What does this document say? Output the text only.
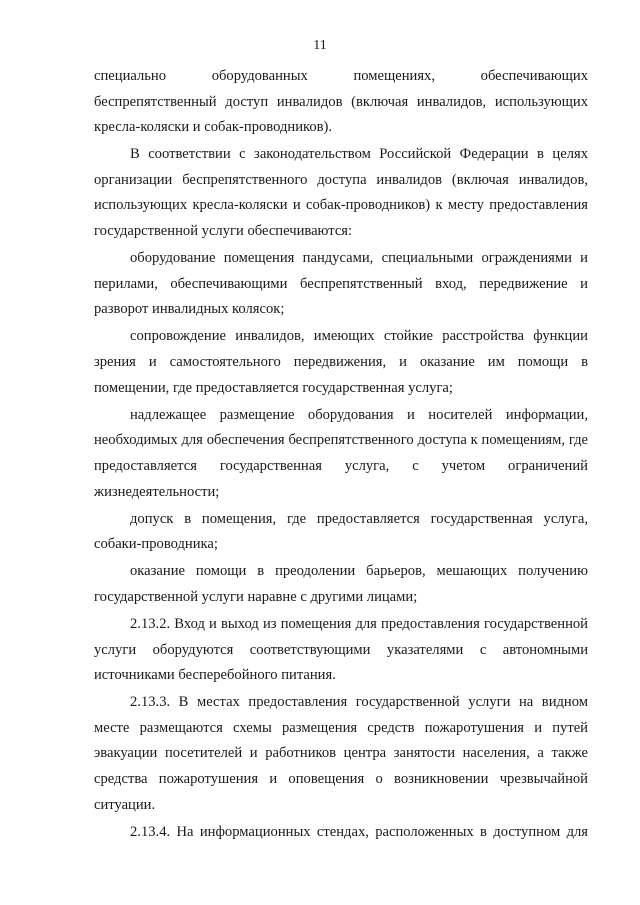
11

специально оборудованных помещениях, обеспечивающих беспрепятственный доступ инвалидов (включая инвалидов, использующих кресла-коляски и собак-проводников).

В соответствии с законодательством Российской Федерации в целях организации беспрепятственного доступа инвалидов (включая инвалидов, использующих кресла-коляски и собак-проводников) к месту предоставления государственной услуги обеспечиваются:

оборудование помещения пандусами, специальными ограждениями и перилами, обеспечивающими беспрепятственный вход, передвижение и разворот инвалидных колясок;

сопровождение инвалидов, имеющих стойкие расстройства функции зрения и самостоятельного передвижения, и оказание им помощи в помещении, где предоставляется государственная услуга;

надлежащее размещение оборудования и носителей информации, необходимых для обеспечения беспрепятственного доступа к помещениям, где предоставляется государственная услуга, с учетом ограничений жизнедеятельности;

допуск в помещения, где предоставляется государственная услуга, собаки-проводника;

оказание помощи в преодолении барьеров, мешающих получению государственной услуги наравне с другими лицами;

2.13.2. Вход и выход из помещения для предоставления государственной услуги оборудуются соответствующими указателями с автономными источниками бесперебойного питания.

2.13.3. В местах предоставления государственной услуги на видном месте размещаются схемы размещения средств пожаротушения и путей эвакуации посетителей и работников центра занятости населения, а также средства пожаротушения и оповещения о возникновении чрезвычайной ситуации.

2.13.4. На информационных стендах, расположенных в доступном для
